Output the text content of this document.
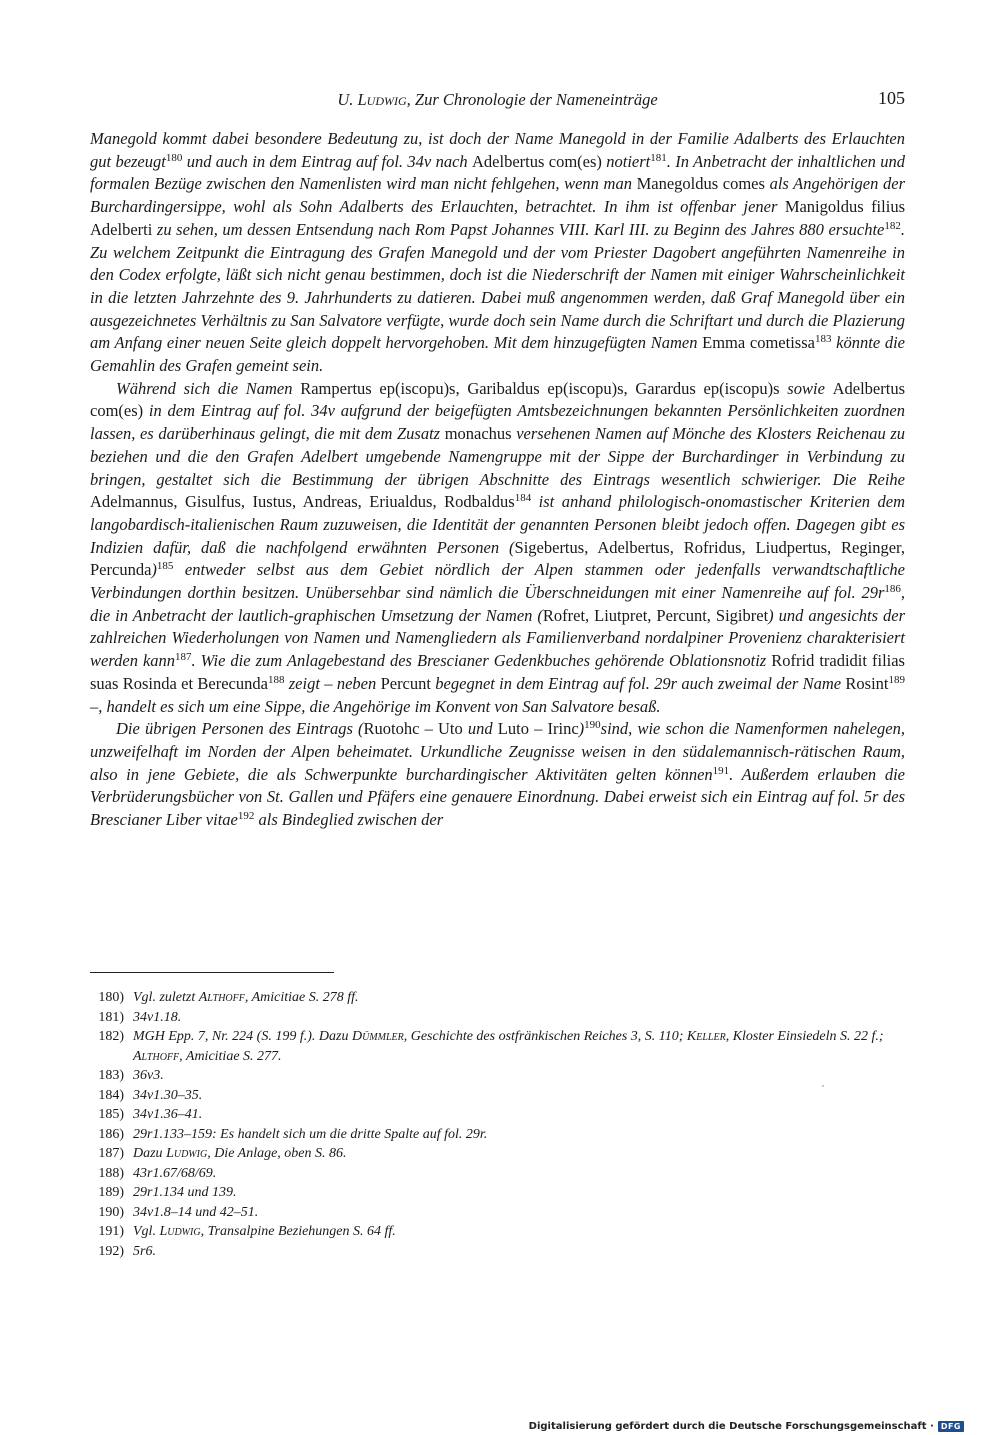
U. Ludwig, Zur Chronologie der Nameneinträge	105

Manegold kommt dabei besondere Bedeutung zu, ist doch der Name Manegold in der Familie Adalberts des Erlauchten gut bezeugt$^{180}$ und auch in dem Eintrag auf fol. 34v nach Adelbertus com(es) notiert$^{181}$. In Anbetracht der inhaltlichen und formalen Bezüge zwischen den Namenlisten wird man nicht fehlgehen, wenn man Manegoldus comes als Angehörigen der Burchardingersippe, wohl als Sohn Adalberts des Erlauchten, betrachtet. In ihm ist offenbar jener Manigoldus filius Adelberti zu sehen, um dessen Entsendung nach Rom Papst Johannes VIII. Karl III. zu Beginn des Jahres 880 ersuchte$^{182}$. Zu welchem Zeitpunkt die Eintragung des Grafen Manegold und der vom Priester Dagobert angeführten Namenreihe in den Codex erfolgte, läßt sich nicht genau bestimmen, doch ist die Niederschrift der Namen mit einiger Wahrscheinlichkeit in die letzten Jahrzehnte des 9. Jahrhunderts zu datieren. Dabei muß angenommen werden, daß Graf Manegold über ein ausgezeichnetes Verhältnis zu San Salvatore verfügte, wurde doch sein Name durch die Schriftart und durch die Plazierung am Anfang einer neuen Seite gleich doppelt hervorgehoben. Mit dem hinzugefügten Namen Emma cometissa$^{183}$ könnte die Gemahlin des Grafen gemeint sein.

Während sich die Namen Rampertus ep(iscopu)s, Garibaldus ep(iscopu)s, Garardus ep(iscopu)s sowie Adelbertus com(es) in dem Eintrag auf fol. 34v aufgrund der beigefügten Amtsbezeichnungen bekannten Persönlichkeiten zuordnen lassen, es darüberhinaus gelingt, die mit dem Zusatz monachus versehenen Namen auf Mönche des Klosters Reichenau zu beziehen und die den Grafen Adelbert umgebende Namengruppe mit der Sippe der Burchardinger in Verbindung zu bringen, gestaltet sich die Bestimmung der übrigen Abschnitte des Eintrags wesentlich schwieriger. Die Reihe Adelmannus, Gisulfus, Iustus, Andreas, Eriualdus, Rodbaldus$^{184}$ ist anhand philologisch-onomastischer Kriterien dem langobardisch-italienischen Raum zuzuweisen, die Identität der genannten Personen bleibt jedoch offen. Dagegen gibt es Indizien dafür, daß die nachfolgend erwähnten Personen (Sigebertus, Adelbertus, Rofridus, Liudpertus, Reginger, Percunda)$^{185}$ entweder selbst aus dem Gebiet nördlich der Alpen stammen oder jedenfalls verwandtschaftliche Verbindungen dorthin besitzen. Unübersehbar sind nämlich die Überschneidungen mit einer Namenreihe auf fol. $29r^{186}$, die in Anbetracht der lautlich-graphischen Umsetzung der Namen (Rofret, Liutpret, Percunt, Sigibret) und angesichts der zahlreichen Wiederholungen von Namen und Namengliedern als Familienverband nordalpiner Provenienz charakterisiert werden kann$^{187}$. Wie die zum Anlagebestand des Brescianer Gedenkbuches gehörende Oblationsnotiz Rofrid tradidit filias suas Rosinda et Berecunda$^{188}$ zeigt – neben Percunt begegnet in dem Eintrag auf fol. 29r auch zweimal der Name Rosint$^{189}$ –, handelt es sich um eine Sippe, die Angehörige im Konvent von San Salvatore besaß.

Die übrigen Personen des Eintrags (Ruotohc – Uto und Luto – Irinc)$^{190}$sind, wie schon die Namenformen nahelegen, unzweifelhaft im Norden der Alpen beheimatet. Urkundliche Zeugnisse weisen in den südalemannisch-rätischen Raum, also in jene Gebiete, die als Schwerpunkte burchardingischer Aktivitäten gelten können$^{191}$. Außerdem erlauben die Verbrüderungsbücher von St. Gallen und Pfäfers eine genauere Einordnung. Dabei erweist sich ein Eintrag auf fol. 5r des Brescianer Liber vitae$^{192}$ als Bindeglied zwischen der

180) Vgl. zuletzt Althoff, Amicitiae S. 278 ff.
181) 34v1.18.
182) MGH Epp. 7, Nr. 224 (S. 199 f.). Dazu Dümmler, Geschichte des ostfränkischen Reiches 3, S. 110; Keller, Kloster Einsiedeln S. 22 f.; Althoff, Amicitiae S. 277.
183) 36v3.
184) 34v1.30–35.
185) 34v1.36–41.
186) 29r1.133–159: Es handelt sich um die dritte Spalte auf fol. 29r.
187) Dazu Ludwig, Die Anlage, oben S. 86.
188) 43r1.67/68/69.
189) 29r1.134 und 139.
190) 34v1.8–14 und 42–51.
191) Vgl. Ludwig, Transalpine Beziehungen S. 64 ff.
192) 5r6.
Digitalisierung gefördert durch die Deutsche Forschungsgemeinschaft · DFG
